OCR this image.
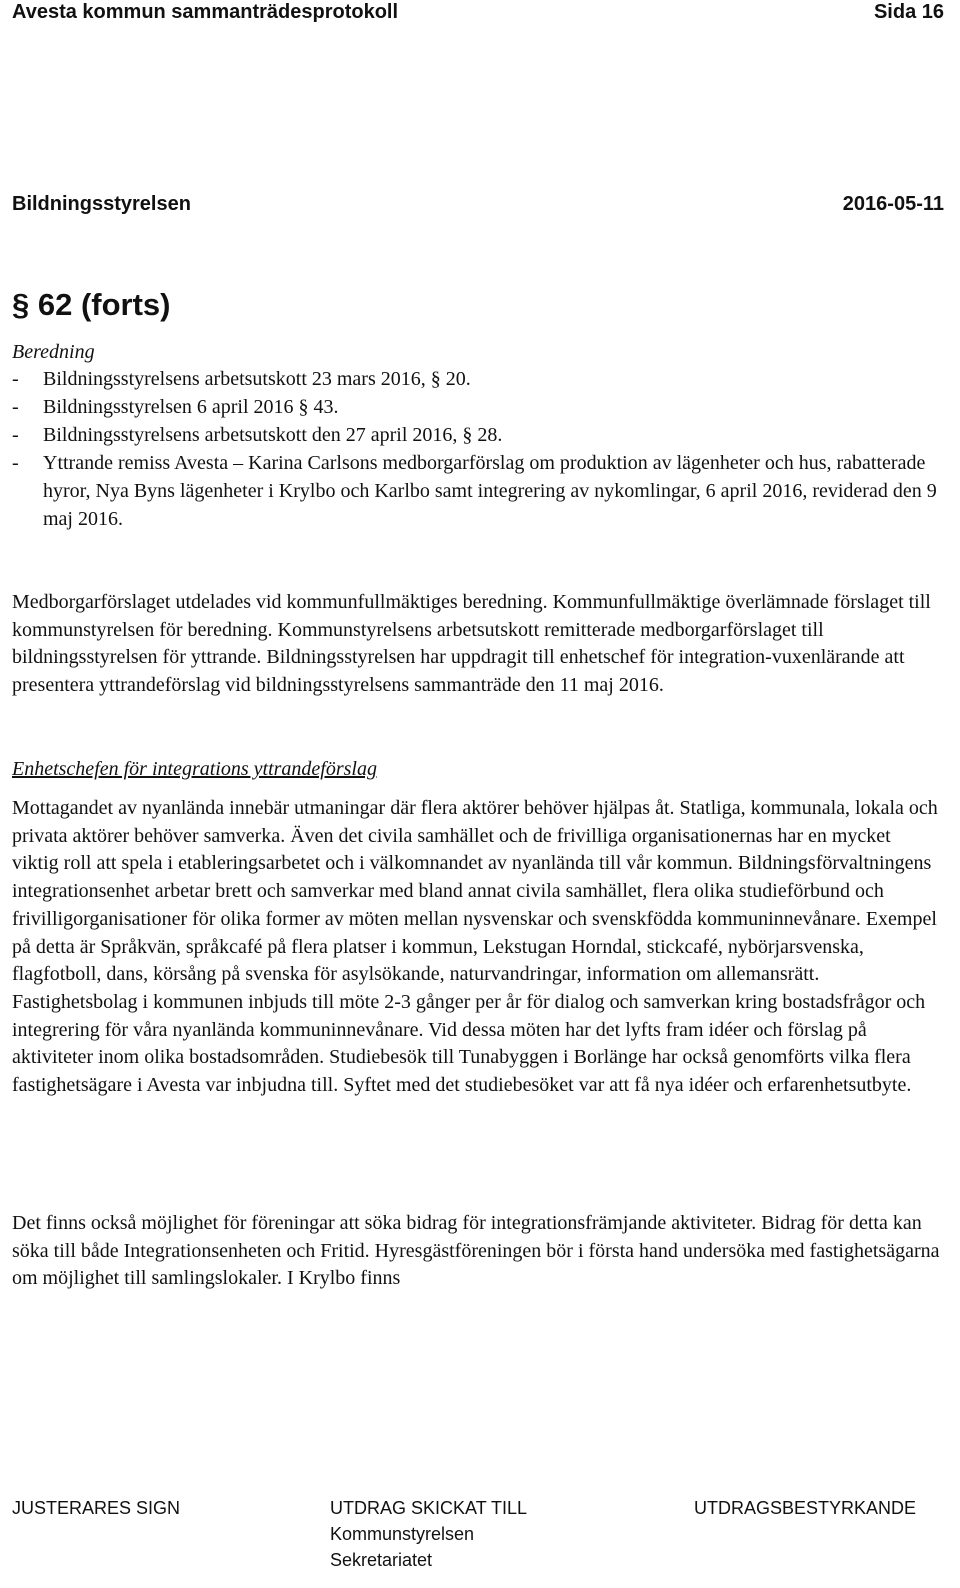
Avesta kommun sammanträdesprotokoll	Sida 16
Bildningsstyrelsen	2016-05-11
§ 62 (forts)
Beredning
-	Bildningsstyrelsens arbetsutskott 23 mars 2016, § 20.
-	Bildningsstyrelsen 6 april 2016 § 43.
-	Bildningsstyrelsens arbetsutskott den 27 april 2016, § 28.
-	Yttrande remiss Avesta – Karina Carlsons medborgarförslag om produktion av lägenheter och hus, rabatterade hyror, Nya Byns lägenheter i Krylbo och Karlbo samt integrering av nykomlingar, 6 april 2016, reviderad den 9 maj 2016.

Medborgarförslaget utdelades vid kommunfullmäktiges beredning. Kommunfullmäktige överlämnade förslaget till kommunstyrelsen för beredning. Kommunstyrelsens arbetsutskott remitterade medborgarförslaget till bildningsstyrelsen för yttrande. Bildningsstyrelsen har uppdragit till enhetschef för integration-vuxenlärande att presentera yttrandeförslag vid bildningsstyrelsens sammanträde den 11 maj 2016.

Enhetschefen för integrations yttrandeförslag

Mottagandet av nyanlända innebär utmaningar där flera aktörer behöver hjälpas åt. Statliga, kommunala, lokala och privata aktörer behöver samverka. Även det civila samhället och de frivilliga organisationernas har en mycket viktig roll att spela i etableringsarbetet och i välkomnandet av nyanlända till vår kommun. Bildningsförvaltningens integrationsenhet arbetar brett och samverkar med bland annat civila samhället, flera olika studieförbund och frivilligorganisationer för olika former av möten mellan nysvenskar och svenskfödda kommuninnevånare. Exempel på detta är Språkvän, språkcafé på flera platser i kommun, Lekstugan Horndal, stickcafé, nybörjarsvenska, flagfotboll, dans, körsång på svenska för asylsökande, naturvandringar, information om allemansrätt. Fastighetsbolag i kommunen inbjuds till möte 2-3 gånger per år för dialog och samverkan kring bostadsfrågor och integrering för våra nyanlända kommuninnevånare. Vid dessa möten har det lyfts fram idéer och förslag på aktiviteter inom olika bostadsområden. Studiebesök till Tunabyggen i Borlänge har också genomförts vilka flera fastighetsägare i Avesta var inbjudna till. Syftet med det studiebesöket var att få nya idéer och erfarenhetsutbyte.

Det finns också möjlighet för föreningar att söka bidrag för integrationsfrämjande aktiviteter. Bidrag för detta kan söka till både Integrationsenheten och Fritid. Hyresgästföreningen bör i första hand undersöka med fastighetsägarna om möjlighet till samlingslokaler. I Krylbo finns

JUSTERARES SIGN	UTDRAG SKICKAT TILL
Kommunstyrelsen
Sekretariatet
UTDRAGSBESTYRKANDE
